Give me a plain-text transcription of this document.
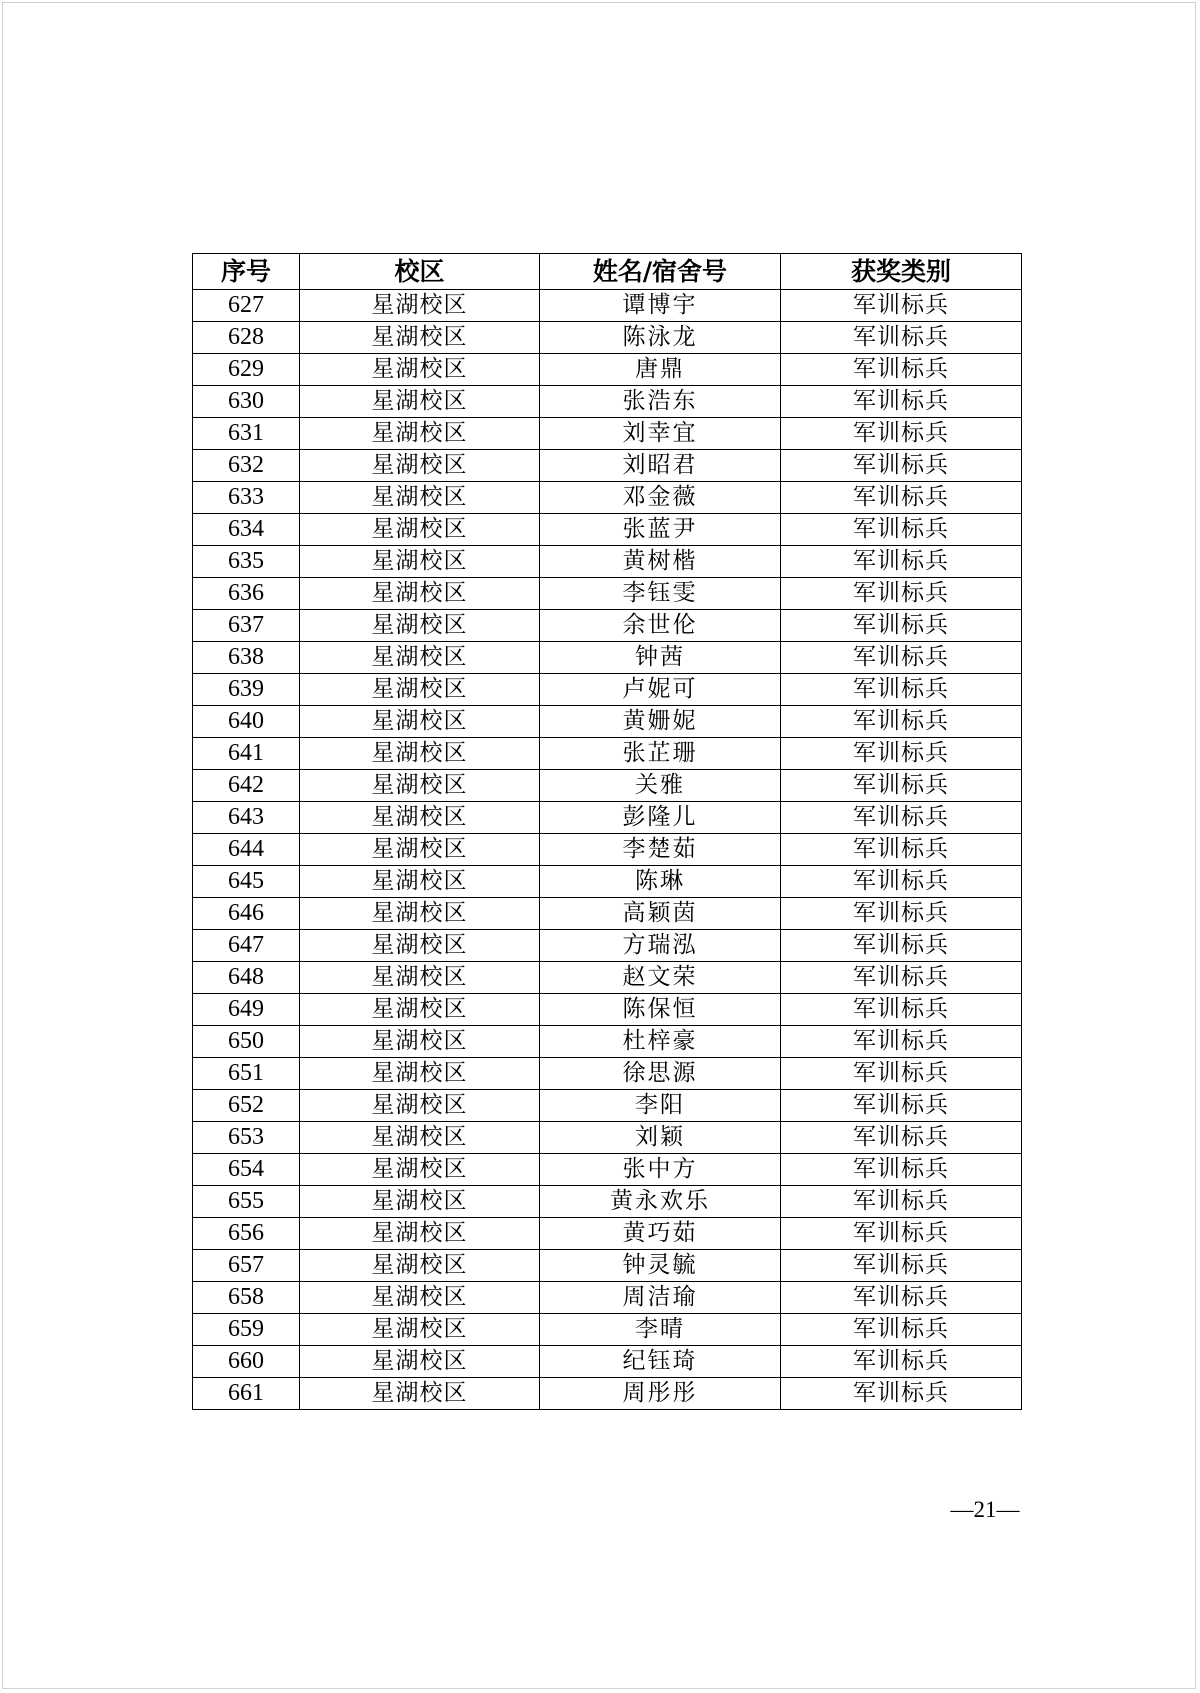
序号	校区	姓名/宿舍号	获奖类别
627	星湖校区	谭博宇	军训标兵
628	星湖校区	陈泳龙	军训标兵
629	星湖校区	唐鼎	军训标兵
630	星湖校区	张浩东	军训标兵
631	星湖校区	刘幸宜	军训标兵
632	星湖校区	刘昭君	军训标兵
633	星湖校区	邓金薇	军训标兵
634	星湖校区	张蓝尹	军训标兵
635	星湖校区	黄树楷	军训标兵
636	星湖校区	李钰雯	军训标兵
637	星湖校区	余世伦	军训标兵
638	星湖校区	钟茜	军训标兵
639	星湖校区	卢妮可	军训标兵
640	星湖校区	黄姗妮	军训标兵
641	星湖校区	张芷珊	军训标兵
642	星湖校区	关雅	军训标兵
643	星湖校区	彭隆儿	军训标兵
644	星湖校区	李楚茹	军训标兵
645	星湖校区	陈琳	军训标兵
646	星湖校区	高颖茵	军训标兵
647	星湖校区	方瑞泓	军训标兵
648	星湖校区	赵文荣	军训标兵
649	星湖校区	陈保恒	军训标兵
650	星湖校区	杜梓豪	军训标兵
651	星湖校区	徐思源	军训标兵
652	星湖校区	李阳	军训标兵
653	星湖校区	刘颖	军训标兵
654	星湖校区	张中方	军训标兵
655	星湖校区	黄永欢乐	军训标兵
656	星湖校区	黄巧茹	军训标兵
657	星湖校区	钟灵毓	军训标兵
658	星湖校区	周洁瑜	军训标兵
659	星湖校区	李晴	军训标兵
660	星湖校区	纪钰琦	军训标兵
661	星湖校区	周彤彤	军训标兵
—21—
